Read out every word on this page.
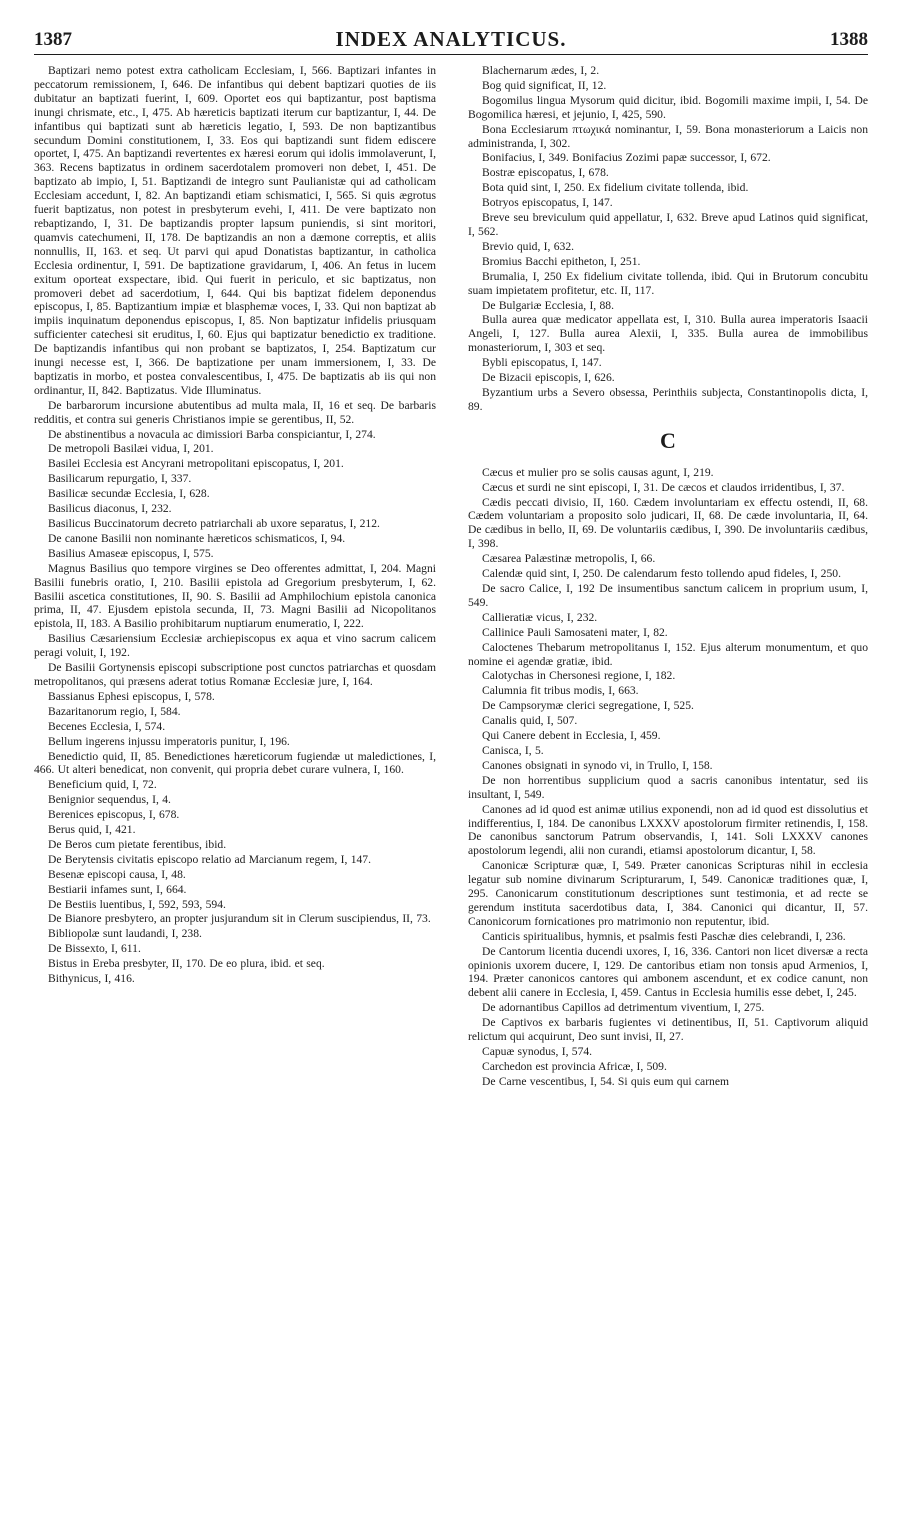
1387	INDEX ANALYTICUS.	1388

Baptizari nemo potest extra catholicam Ecclesiam, I, 566. Baptizari infantes in peccatorum remissionem, I, 646. De infantibus qui debent baptizari quoties de iis dubitatur an baptizati fuerint, I, 609. Oportet eos qui baptizantur, post baptisma inungi chrismate, etc., I, 475. Ab hæreticis baptizati iterum cur baptizantur, I, 44. De infantibus qui baptizati sunt ab hæreticis legatio, I, 593. De non baptizantibus secundum Domini constitutionem, I, 33. Eos qui baptizandi sunt fidem ediscere oportet, I, 475. An baptizandi revertentes ex hæresi eorum qui idolis immolaverunt, I, 363. Recens baptizatus in ordinem sacerdotalem promoveri non debet, I, 451. De baptizato ab impio, I, 51. Baptizandi de integro sunt Paulianistæ qui ad catholicam Ecclesiam accedunt, I, 82. An baptizandi etiam schismatici, I, 565. Si quis ægrotus fuerit baptizatus, non potest in presbyterum evehi, I, 411. De vere baptizato non rebaptizando, I, 31. De baptizandis propter lapsum puniendis, si sint moritori, quamvis catechumeni, II, 178. De baptizandis an non a dæmone correptis, et aliis nonnullis, II, 163. et seq. Ut parvi qui apud Donatistas baptizantur, in catholica Ecclesia ordinentur, I, 591. De baptizatione gravidarum, I, 406. An fetus in lucem exitum oporteat exspectare, ibid. Qui fuerit in periculo, et sic baptizatus, non promoveri debet ad sacerdotium, I, 644. Qui bis baptizat fidelem deponendus episcopus, I, 85. Baptizantium impiæ et blasphemæ voces, I, 33. Qui non baptizat ab impiis inquinatum deponendus episcopus, I, 85. Non baptizatur infidelis priusquam sufficienter catechesi sit eruditus, I, 60. Ejus qui baptizatur benedictio ex traditione. De baptizandis infantibus qui non probant se baptizatos, I, 254. Baptizatum cur inungi necesse est, I, 366. De baptizatione per unam immersionem, I, 33. De baptizatis in morbo, et postea convalescentibus, I, 475. De baptizatis ab iis qui non ordinantur, II, 842. Baptizatus. Vide Illuminatus.

De barbarorum incursione abutentibus ad multa mala, II, 16 et seq. De barbaris redditis, et contra sui generis Christianos impie se gerentibus, II, 52.

De abstinentibus a novacula ac dimissiori Barba conspiciantur, I, 274.

De metropoli Basilæi vidua, I, 201.

Basilei Ecclesia est Ancyrani metropolitani episcopatus, I, 201.

Basilicarum repurgatio, I, 337.

Basilicæ secundæ Ecclesia, I, 628.

Basilicus diaconus, I, 232.

Basilicus Buccinatorum decreto patriarchali ab uxore separatus, I, 212.

De canone Basilii non nominante hæreticos schismaticos, I, 94.

Basilius Amaseæ episcopus, I, 575.

Magnus Basilius quo tempore virgines se Deo offerentes admittat, I, 204. Magni Basilii funebris oratio, I, 210. Basilii epistola ad Gregorium presbyterum, I, 62. Basilii ascetica constitutiones, II, 90. S. Basilii ad Amphilochium epistola canonica prima, II, 47. Ejusdem epistola secunda, II, 73. Magni Basilii ad Nicopolitanos epistola, II, 183. A Basilio prohibitarum nuptiarum enumeratio, I, 222.

Basilius Cæsariensium Ecclesiæ archiepiscopus ex aqua et vino sacrum calicem peragi voluit, I, 192.

De Basilii Gortynensis episcopi subscriptione post cunctos patriarchas et quosdam metropolitanos, qui præsens aderat totius Romanæ Ecclesiæ jure, I, 164.

Bassianus Ephesi episcopus, I, 578.

Bazaritanorum regio, I, 584.

Becenes Ecclesia, I, 574.

Bellum ingerens injussu imperatoris punitur, I, 196.

Benedictio quid, II, 85. Benedictiones hæreticorum fugiendæ ut maledictiones, I, 466. Ut alteri benedicat, non convenit, qui propria debet curare vulnera, I, 160.

Beneficium quid, I, 72.

Benignior sequendus, I, 4.

Berenices episcopus, I, 678.

Berus quid, I, 421.

De Beros cum pietate ferentibus, ibid.

De Berytensis civitatis episcopo relatio ad Marcianum regem, I, 147.

Besenæ episcopi causa, I, 48.

Bestiarii infames sunt, I, 664.

De Bestiis luentibus, I, 592, 593, 594.

De Bianore presbytero, an propter jusjurandum sit in Clerum suscipiendus, II, 73.

Bibliopolæ sunt laudandi, I, 238.

De Bissexto, I, 611.

Bistus in Ereba presbyter, II, 170. De eo plura, ibid. et seq.

Bithynicus, I, 416.

Blachernarum ædes, I, 2.

Bog quid significat, II, 12.

Bogomilus lingua Mysorum quid dicitur, ibid. Bogomili maxime impii, I, 54. De Bogomilica hæresi, et jejunio, I, 425, 590.

Bona Ecclesiarum πτωχικά nominantur, I, 59. Bona monasteriorum a Laicis non administranda, I, 302.

Bonifacius, I, 349. Bonifacius Zozimi papæ successor, I, 672.

Bostræ episcopatus, I, 678.

Bota quid sint, I, 250. Ex fidelium civitate tollenda, ibid.

Botryos episcopatus, I, 147.

Breve seu breviculum quid appellatur, I, 632. Breve apud Latinos quid significat, I, 562.

Brevio quid, I, 632.

Bromius Bacchi epitheton, I, 251.

Brumalia, I, 250 Ex fidelium civitate tollenda, ibid. Qui in Brutorum concubitu suam impietatem profitetur, etc. II, 117.

De Bulgariæ Ecclesia, I, 88.

Bulla aurea quæ medicator appellata est, I, 310. Bulla aurea imperatoris Isaacii Angeli, I, 127. Bulla aurea Alexii, I, 335. Bulla aurea de immobilibus monasteriorum, I, 303 et seq.

Bybli episcopatus, I, 147.

De Bizacii episcopis, I, 626.

Byzantium urbs a Severo obsessa, Perinthiis subjecta, Constantinopolis dicta, I, 89.

C

Cæcus et mulier pro se solis causas agunt, I, 219.

Cæcus et surdi ne sint episcopi, I, 31. De cæcos et claudos irridentibus, I, 37.

Cædis peccati divisio, II, 160. Cædem involuntariam ex effectu ostendi, II, 68. Cædem voluntariam a proposito solo judicari, II, 68. De cæde involuntaria, II, 64. De cædibus in bello, II, 69. De voluntariis cædibus, I, 390. De involuntariis cædibus, I, 398.

Cæsarea Palæstinæ metropolis, I, 66.

Calendæ quid sint, I, 250. De calendarum festo tollendo apud fideles, I, 250.

De sacro Calice, I, 192 De insumentibus sanctum calicem in proprium usum, I, 549.

Callieratiæ vicus, I, 232.

Callinice Pauli Samosateni mater, I, 82.

Caloctenes Thebarum metropolitanus I, 152. Ejus alterum monumentum, et quo nomine ei agendæ gratiæ, ibid.

Calotychas in Chersonesi regione, I, 182.

Calumnia fit tribus modis, I, 663.

De Campsorymæ clerici segregatione, I, 525.

Canalis quid, I, 507.

Qui Canere debent in Ecclesia, I, 459.

Canisca, I, 5.

Canones obsignati in synodo vi, in Trullo, I, 158.

De non horrentibus supplicium quod a sacris canonibus intentatur, sed iis insultant, I, 549.

Canones ad id quod est animæ utilius exponendi, non ad id quod est dissolutius et indifferentius, I, 184. De canonibus LXXXV apostolorum firmiter retinendis, I, 158. De canonibus sanctorum Patrum observandis, I, 141. Soli LXXXV canones apostolorum legendi, alii non curandi, etiamsi apostolorum dicantur, I, 58.

Canonicæ Scripturæ quæ, I, 549. Præter canonicas Scripturas nihil in ecclesia legatur sub nomine divinarum Scripturarum, I, 549. Canonicæ traditiones quæ, I, 295. Canonicarum constitutionum descriptiones sunt testimonia, et ad recte se gerendum instituta sacerdotibus data, I, 384. Canonici qui dicantur, II, 57. Canonicorum fornicationes pro matrimonio non reputentur, ibid.

Canticis spiritualibus, hymnis, et psalmis festi Paschæ dies celebrandi, I, 236.

De Cantorum licentia ducendi uxores, I, 16, 336. Cantori non licet diversæ a recta opinionis uxorem ducere, I, 129. De cantoribus etiam non tonsis apud Armenios, I, 194. Præter canonicos cantores qui ambonem ascendunt, et ex codice canunt, non debent alii canere in Ecclesia, I, 459. Cantus in Ecclesia humilis esse debet, I, 245.

De adornantibus Capillos ad detrimentum viventium, I, 275.

De Captivos ex barbaris fugientes vi detinentibus, II, 51. Captivorum aliquid relictum qui acquirunt, Deo sunt invisi, II, 27.

Capuæ synodus, I, 574.

Carchedon est provincia Africæ, I, 509.

De Carne vescentibus, I, 54. Si quis eum qui carnem
